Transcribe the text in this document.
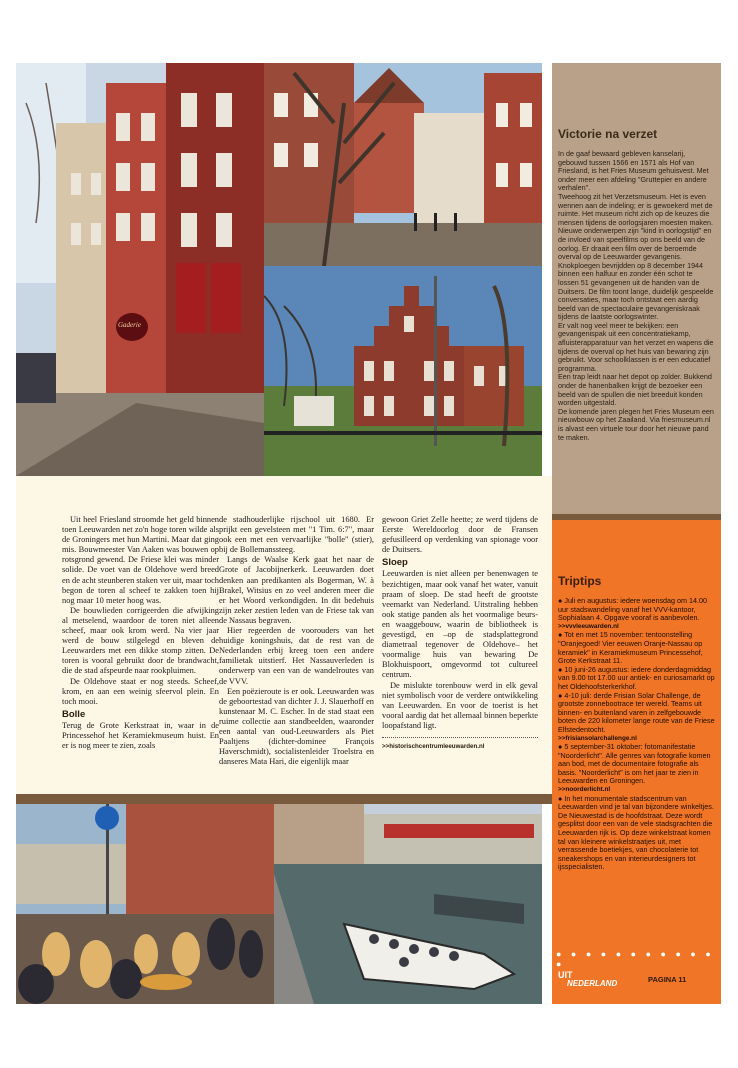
Gaderie
Victorie na verzet

In de gaaf bewaard gebleven kanselarij, gebouwd tussen 1566 en 1571 als Hof van Friesland, is het Fries Museum gehuisvest. Met onder meer een afdeling "Gruttepier en andere verhalen".

Tweehoog zit het Verzetsmuseum. Het is even wennen aan de indeling; er is gewoekerd met de ruimte. Het museum richt zich op de keuzes die mensen tijdens de oorlogsjaren moesten maken.

Nieuwe onderwerpen zijn "kind in oorlogstijd" en de invloed van speelfilms op ons beeld van de oorlog. Er draait een film over de beroemde overval op de Leeuwarder gevangenis. Knokploegen bevrijdden op 8 december 1944 binnen een halfuur en zonder één schot te lossen 51 gevangenen uit de handen van de Duitsers. De film toont lange, duidelijk gespeelde conversaties, maar toch ontstaat een aardig beeld van de spectaculaire gevangeniskraak tijdens de laatste oorlogswinter.

Er valt nog veel meer te bekijken: een gevangenispak uit een concentratiekamp, afluisterapparatuur van het verzet en wapens die tijdens de overval op het huis van bewaring zijn gebruikt. Voor schoolklassen is er een educatief programma.

Een trap leidt naar het depot op zolder. Bukkend onder de hanenbalken krijgt de bezoeker een beeld van de spullen die niet breeduit konden worden uitgestald.

De komende jaren plegen het Fries Museum een nieuwbouw op het Zaailand. Via friesmuseum.nl is alvast een virtuele tour door het nieuwe pand te maken.

Uit heel Friesland stroomde het geld binnen toen Leeuwarden net zo'n hoge toren wilde als de Groningers met hun Martini. Maar dat ging mis. Bouwmeester Van Aaken was bouwen op rotsgrond gewend. De Friese klei was minder solide. De voet van de Oldehove werd breed en de acht steunberen staken ver uit, maar toch begon de toren al scheef te zakken toen hij nog maar 10 meter hoog was.

De bouwlieden corrigeerden die afwijking al metselend, waardoor de toren niet alleen scheef, maar ook krom werd. Na vier jaar werd de bouw stilgelegd en bleven de Leeuwarders met een dikke stomp zitten. De toren is vooral gebruikt door de brandwacht, die de stad afspeurde naar rookpluimen.

De Oldehove staat er nog steeds. Scheef, krom, en aan een weinig sfeervol plein. En toch mooi.

Bolle

Terug de Grote Kerkstraat in, waar in de Princessehof het Keramiekmuseum huist. En er is nog meer te zien, zoals

de stadhouderlijke rijschool uit 1680. Er prijkt een gevelsteen met "1 Tim. 6:7", maar ook een met een vervaarlijke "bolle" (stier), bij de Bollemanssteeg.

Langs de Waalse Kerk gaat het naar de Grote of Jacobijnerkerk. Leeuwarden doet denken aan predikanten als Bogerman, W. à Brakel, Witsius en zo veel anderen meer die er het Woord verkondigden. In dit bedehuis zijn zeker zestien leden van de Friese tak van de Nassaus begraven.

Hier regeerden de voorouders van het huidige koningshuis, dat de rest van de Nederlanden erbij kreeg toen een andere familietak uitstierf. Het Nassauverleden is onderwerp van een van de wandelroutes van de VVV.

Een poëzieroute is er ook. Leeuwarden was de geboortestad van dichter J. J. Slauerhoff en kunstenaar M. C. Escher. In de stad staat een ruime collectie aan standbeelden, waaronder een aantal van oud-Leeuwarders als Piet Paaltjens (dichter-dominee François Haverschmidt), socialistenleider Troelstra en danseres Mata Hari, die eigenlijk maar

gewoon Griet Zelle heette; ze werd tijdens de Eerste Wereldoorlog door de Fransen gefusilleerd op verdenking van spionage voor de Duitsers.

Sloep

Leeuwarden is niet alleen per benenwagen te bezichtigen, maar ook vanaf het water, vanuit praam of sloep. De stad heeft de grootste veemarkt van Nederland. Uitstraling hebben ook statige panden als het voormalige beurs- en waaggebouw, waarin de bibliotheek is gevestigd, en –op de stadsplattegrond diametraal tegenover de Oldehove– het voormalige huis van bewaring De Blokhuispoort, omgevormd tot cultureel centrum.

De mislukte torenbouw werd in elk geval niet symbolisch voor de verdere ontwikkeling van Leeuwarden. En voor de toerist is het vooral aardig dat het allemaal binnen beperkte loopafstand ligt.

>>historischcentrumleeuwarden.nl
Triptips

● Juli en augustus: iedere woensdag om 14.00 uur stadswandeling vanaf het VVV-kantoor, Sophialaan 4. Opgave vooraf is aanbevolen.

>>vvvleeuwarden.nl

● Tot en met 15 november: tentoonstelling "Oranjegoed! Vier eeuwen Oranje-Nassau op keramiek" in Keramiekmuseum Princessehof, Grote Kerkstraat 11.

● 10 juni-26 augustus: iedere donderdagmiddag van 9.00 tot 17.00 uur antiek- en curiosamarkt op het Oldehoofsterkerkhof.

● 4-10 juli: derde Frisian Solar Challenge, de grootste zonnebootrace ter wereld. Teams uit binnen- en buitenland varen in zelfgebouwde boten de 220 kilometer lange route van de Friese Elfstedentocht.

>>frisiansolarchallenge.nl

● 5 september-31 oktober: fotomanifestatie "Noorderlicht". Alle genres van fotografie komen aan bod, met de documentaire fotografie als basis. "Noorderlicht" is om het jaar te zien in Leeuwarden en Groningen.

>>noorderlicht.nl

● In het monumentale stadscentrum van Leeuwarden vind je tal van bijzondere winkeltjes. De Nieuwestad is de hoofdstraat. Deze wordt gesplitst door een van de vele stadsgrachten die Leeuwarden rijk is. Op deze winkelstraat komen tal van kleinere winkelstraatjes uit, met verrassende boetiekjes, van chocolaterie tot sneakershops en van interieurdesigners tot ijsspecialisten.

● ● ● ● ● ● ● ● ● ● ● ●
UIT
NEDERLAND	PAGINA 11
